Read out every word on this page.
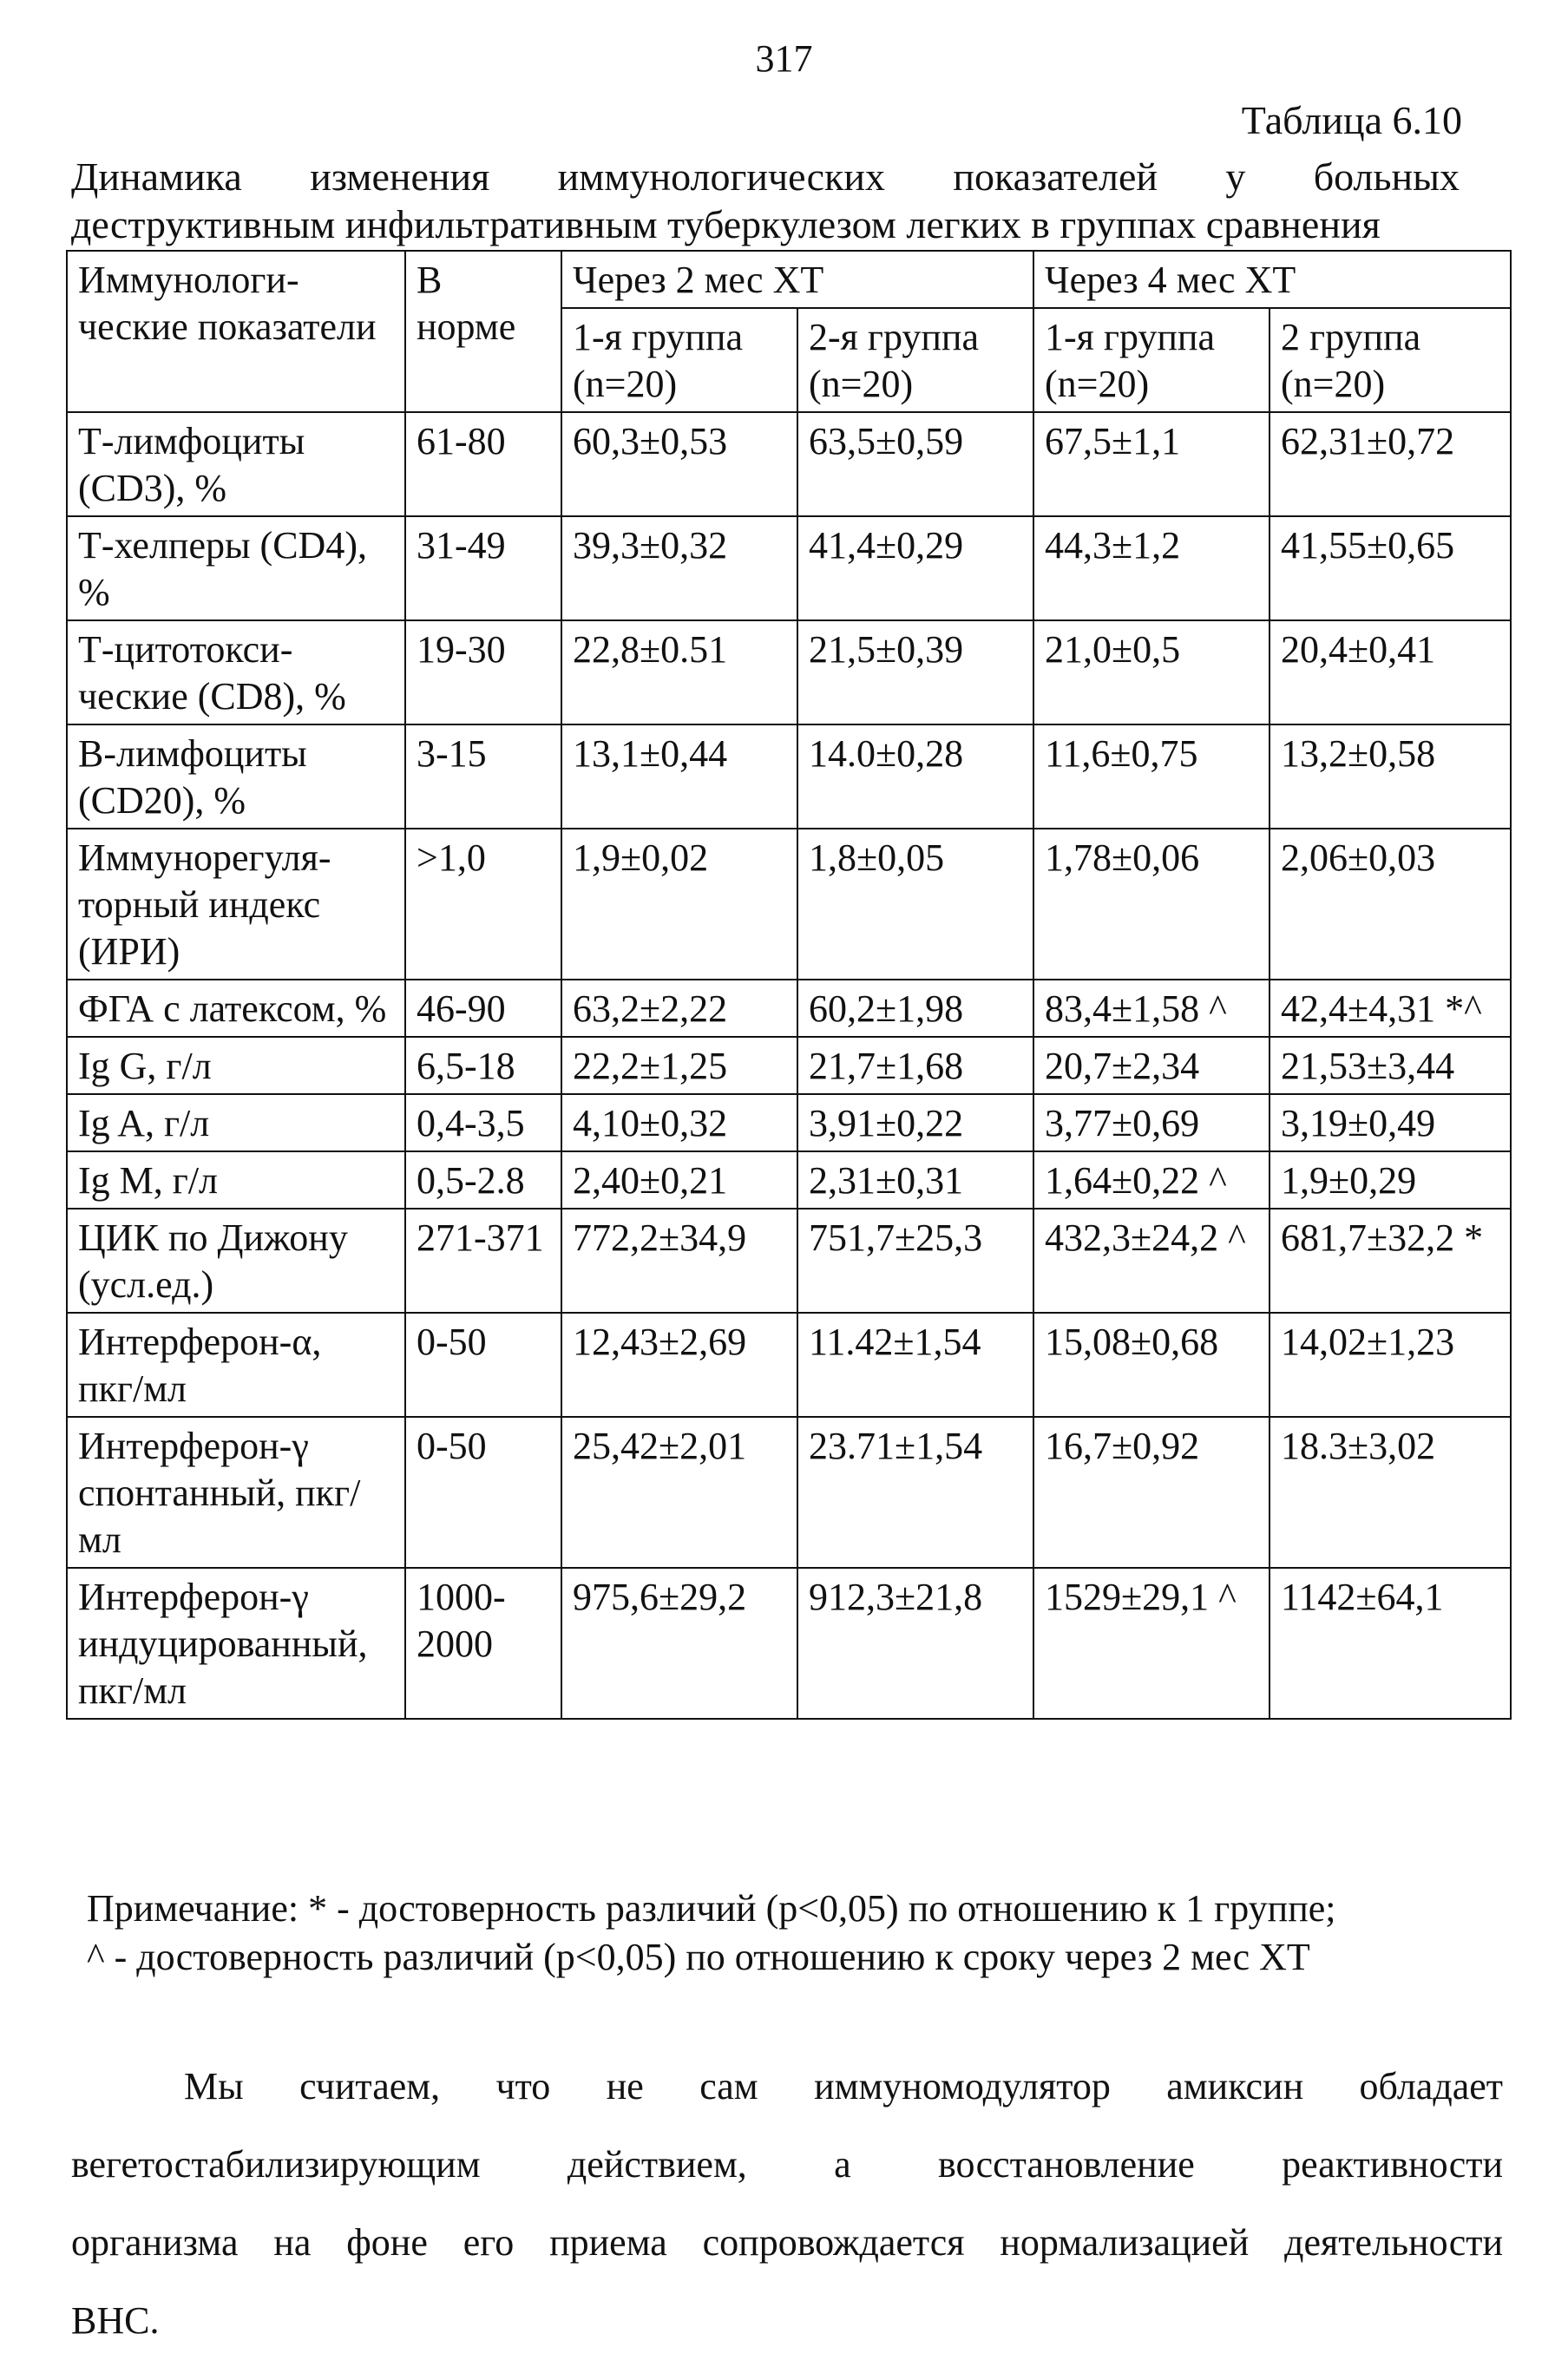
317
Таблица 6.10
Динамика изменения иммунологических показателей у больных
деструктивным инфильтративным туберкулезом легких в группах сравнения
Иммунологи-ческие показатели	В норме	Через 2 мес ХТ		Через 4 мес ХТ	
		1-я группа (n=20)	2-я группа (n=20)	1-я группа (n=20)	2 группа (n=20)
Т-лимфоциты (CD3), %	61-80	60,3±0,53	63,5±0,59	67,5±1,1	62,31±0,72
Т-хелперы (CD4), %	31-49	39,3±0,32	41,4±0,29	44,3±1,2	41,55±0,65
Т-цитотокси-ческие (CD8), %	19-30	22,8±0.51	21,5±0,39	21,0±0,5	20,4±0,41
В-лимфоциты (CD20), %	3-15	13,1±0,44	14.0±0,28	11,6±0,75	13,2±0,58
Иммунорегуля-торный индекс (ИРИ)	>1,0	1,9±0,02	1,8±0,05	1,78±0,06	2,06±0,03
ФГА с латексом, %	46-90	63,2±2,22	60,2±1,98	83,4±1,58 ^	42,4±4,31 *^
Ig G, г/л	6,5-18	22,2±1,25	21,7±1,68	20,7±2,34	21,53±3,44
Ig A, г/л	0,4-3,5	4,10±0,32	3,91±0,22	3,77±0,69	3,19±0,49
Ig M, г/л	0,5-2.8	2,40±0,21	2,31±0,31	1,64±0,22 ^	1,9±0,29
ЦИК по Дижону (усл.ед.)	271-371	772,2±34,9	751,7±25,3	432,3±24,2 ^	681,7±32,2 *
Интерферон-α, пкг/мл	0-50	12,43±2,69	11.42±1,54	15,08±0,68	14,02±1,23
Интерферон-γ спонтанный, пкг/мл	0-50	25,42±2,01	23.71±1,54	16,7±0,92	18.3±3,02
Интерферон-γ индуцированный, пкг/мл	1000-2000	975,6±29,2	912,3±21,8	1529±29,1 ^	1142±64,1
Примечание: * - достоверность различий (p<0,05) по отношению к 1 группе;
^ - достоверность различий (p<0,05) по отношению к сроку через 2 мес ХТ
Мы считаем, что не сам иммуномодулятор амиксин обладает
вегетостабилизирующим действием, а восстановление реактивности
организма на фоне его приема сопровождается нормализацией деятельности
ВНС.
